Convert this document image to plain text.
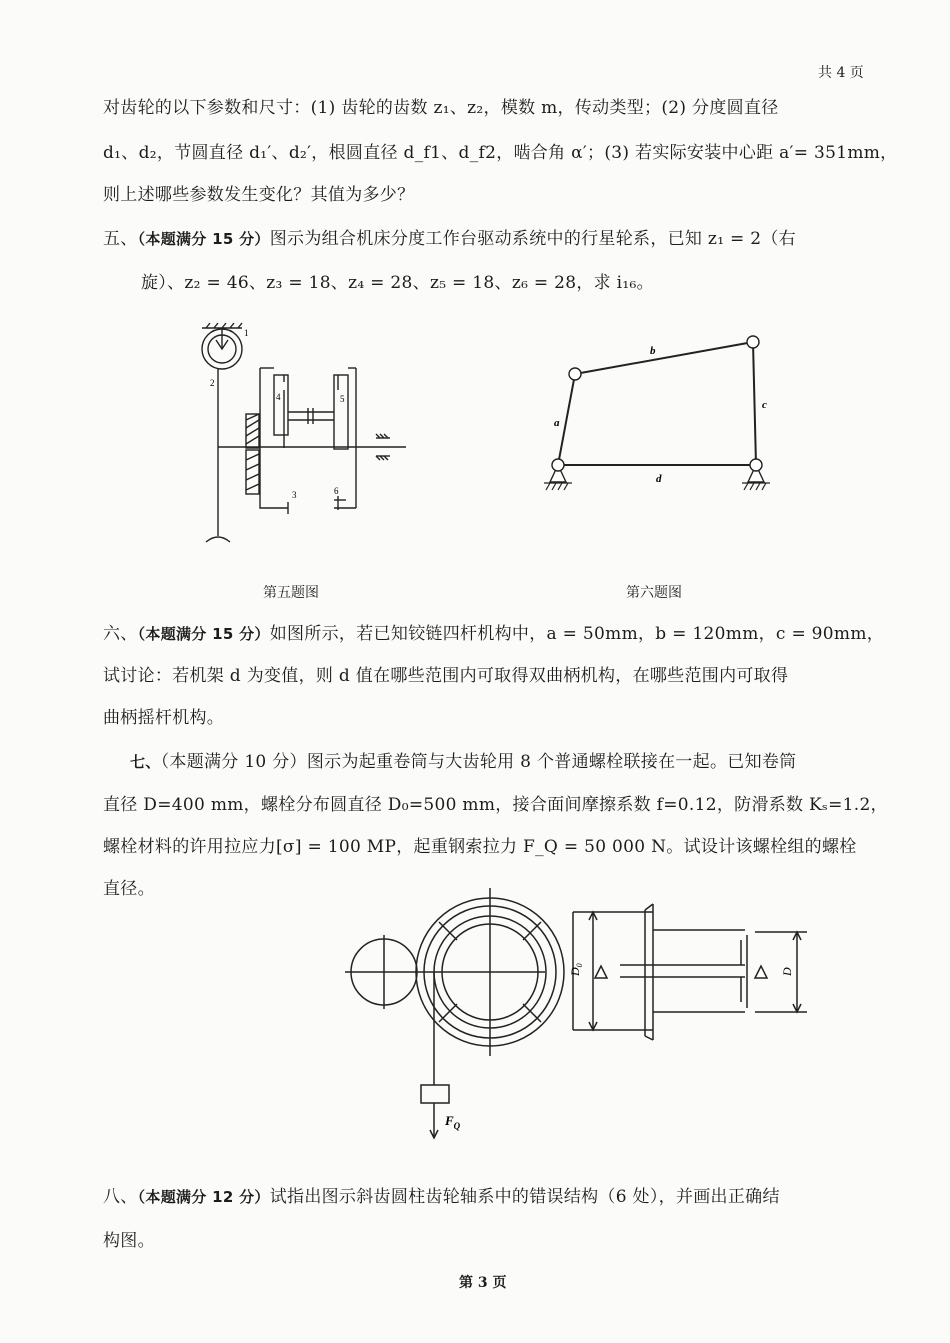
共 4 页
对齿轮的以下参数和尺寸：(1) 齿轮的齿数 z₁、z₂，模数 m，传动类型；(2) 分度圆直径
d₁、d₂，节圆直径 d₁′、d₂′，根圆直径 d_f1、d_f2，啮合角 α′；(3) 若实际安装中心距 a′= 351mm，
则上述哪些参数发生变化？其值为多少？
五、（本题满分 15 分）图示为组合机床分度工作台驱动系统中的行星轮系，已知 z₁ = 2（右
旋）、z₂ = 46、z₃ = 18、z₄ = 28、z₅ = 18、z₆ = 28，求 i₁₆。
1
2
3
4	5
6
b
a
c
d
第五题图	第六题图
六、（本题满分 15 分）如图所示，若已知铰链四杆机构中，a = 50mm，b = 120mm，c = 90mm，
试讨论：若机架 d 为变值，则 d 值在哪些范围内可取得双曲柄机构，在哪些范围内可取得
曲柄摇杆机构。
七、（本题满分 10 分）图示为起重卷筒与大齿轮用 8 个普通螺栓联接在一起。已知卷筒
直径 D=400 mm，螺栓分布圆直径 D₀=500 mm，接合面间摩擦系数 f=0.12，防滑系数 Kₛ=1.2，
螺栓材料的许用拉应力[σ] = 100 MP，起重钢索拉力 F_Q = 50 000 N。试设计该螺栓组的螺栓
直径。
$F_Q$
$D_0$
D
八、（本题满分 12 分）试指出图示斜齿圆柱齿轮轴系中的错误结构（6 处），并画出正确结
构图。
第 3 页
